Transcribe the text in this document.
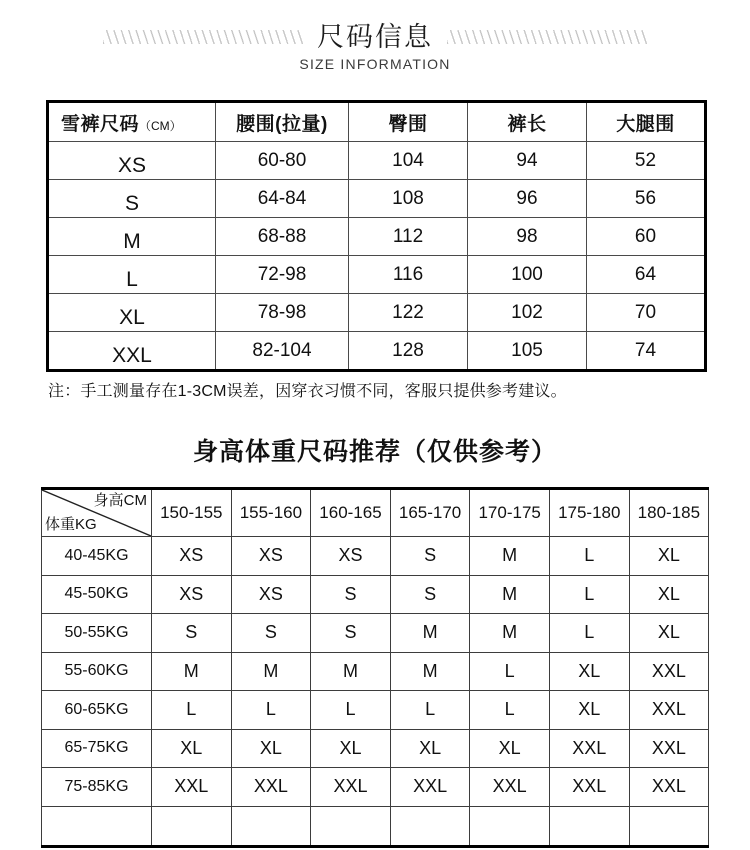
尺码信息
SIZE INFORMATION
雪裤尺码（CM）	腰围(拉量)	臀围	裤长	大腿围
XS	60-80	104	94	52
S	64-84	108	96	56
M	68-88	112	98	60
L	72-98	116	100	64
XL	78-98	122	102	70
XXL	82-104	128	105	74
注：手工测量存在1-3CM误差，因穿衣习惯不同，客服只提供参考建议。
身高体重尺码推荐（仅供参考）
身高CM
体重KG	150-155	155-160	160-165	165-170	170-175	175-180	180-185
40-45KG	XS	XS	XS	S	M	L	XL
45-50KG	XS	XS	S	S	M	L	XL
50-55KG	S	S	S	M	M	L	XL
55-60KG	M	M	M	M	L	XL	XXL
60-65KG	L	L	L	L	L	XL	XXL
65-75KG	XL	XL	XL	XL	XL	XXL	XXL
75-85KG	XXL	XXL	XXL	XXL	XXL	XXL	XXL
